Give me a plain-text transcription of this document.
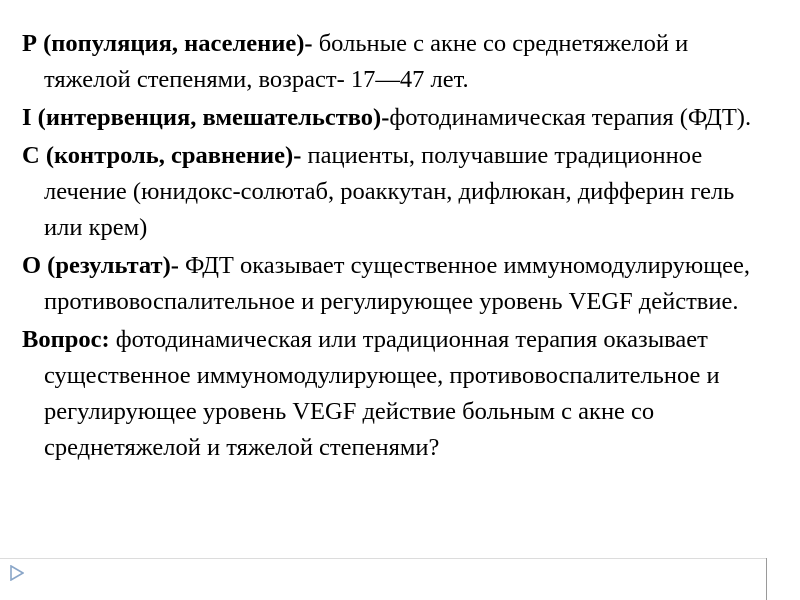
Р (популяция, население)- больные с акне со среднетяжелой и тяжелой степенями, возраст- 17—47 лет.

I (интервенция, вмешательство)-фотодинамическая терапия (ФДТ).

С (контроль, сравнение)- пациенты, получавшие традиционное лечение (юнидокс-солютаб, роаккутан, дифлюкан, дифферин гель или крем)

О (результат)- ФДТ оказывает существенное иммуномодулирующее, противовоспалительное и регулирующее уровень VEGF действие.

Вопрос: фотодинамическая или традиционная терапия оказывает существенное иммуномодулирующее, противовоспалительное и регулирующее уровень VEGF действие больным с акне со среднетяжелой и тяжелой степенями?
